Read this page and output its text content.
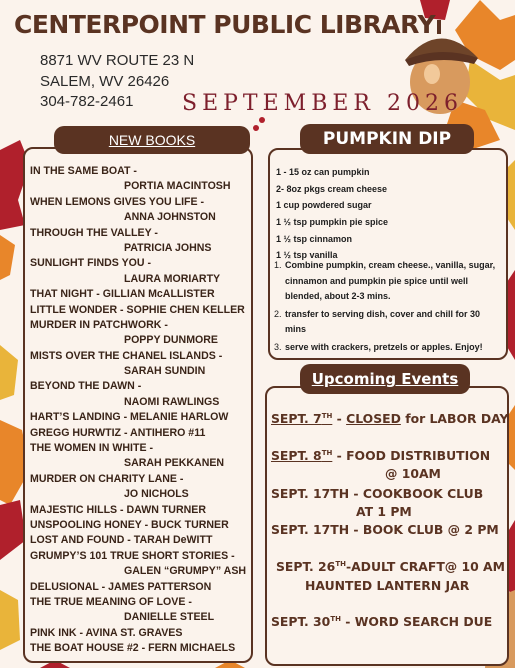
CENTERPOINT PUBLIC LIBRARY
8871 WV ROUTE 23 N
SALEM, WV 26426
304-782-2461 SEPTEMBER 2026
NEW BOOKS
IN THE SAME BOAT -
PORTIA MACINTOSH
WHEN LEMONS GIVES YOU LIFE -
ANNA JOHNSTON
THROUGH THE VALLEY -
PATRICIA JOHNS
SUNLIGHT FINDS YOU -
LAURA MORIARTY
THAT NIGHT - GILLIAN McALLISTER
LITTLE WONDER - SOPHIE CHEN KELLER
MURDER IN PATCHWORK -
POPPY DUNMORE
MISTS OVER THE CHANEL ISLANDS -
SARAH SUNDIN
BEYOND THE DAWN -
NAOMI RAWLINGS
HART’S LANDING - MELANIE HARLOW
GREGG HURWTIZ - ANTIHERO #11
THE WOMEN IN WHITE -
SARAH PEKKANEN
MURDER ON CHARITY LANE -
JO NICHOLS
MAJESTIC HILLS - DAWN TURNER
UNSPOOLING HONEY - BUCK TURNER
LOST AND FOUND - TARAH DeWITT
GRUMPY’S 101 TRUE SHORT STORIES -
GALEN “GRUMPY” ASH
DELUSIONAL - JAMES PATTERSON
THE TRUE MEANING OF LOVE -
DANIELLE STEEL
PINK INK - AVINA ST. GRAVES
THE BOAT HOUSE #2 - FERN MICHAELS
PUMPKIN DIP
1 - 15 oz can pumpkin
2- 8oz pkgs cream cheese
1 cup powdered sugar
1 ½ tsp pumpkin pie spice
1 ½ tsp cinnamon
1 ½ tsp vanilla
1. Combine pumpkin, cream cheese., vanilla, sugar, cinnamon and pumpkin pie spice until well blended, about 2-3 mins.
2. transfer to serving dish, cover and chill for 30 mins
3. serve with crackers, pretzels or apples. Enjoy!
Upcoming Events
SEPT. 7TH - CLOSED for LABOR DAY
SEPT. 8TH - FOOD DISTRIBUTION
@ 10AM
SEPT. 17TH - COOKBOOK CLUB
AT 1 PM
SEPT. 17TH - BOOK CLUB @ 2 PM
SEPT. 26TH-ADULT CRAFT@ 10 AM
HAUNTED LANTERN JAR
SEPT. 30TH - WORD SEARCH DUE
